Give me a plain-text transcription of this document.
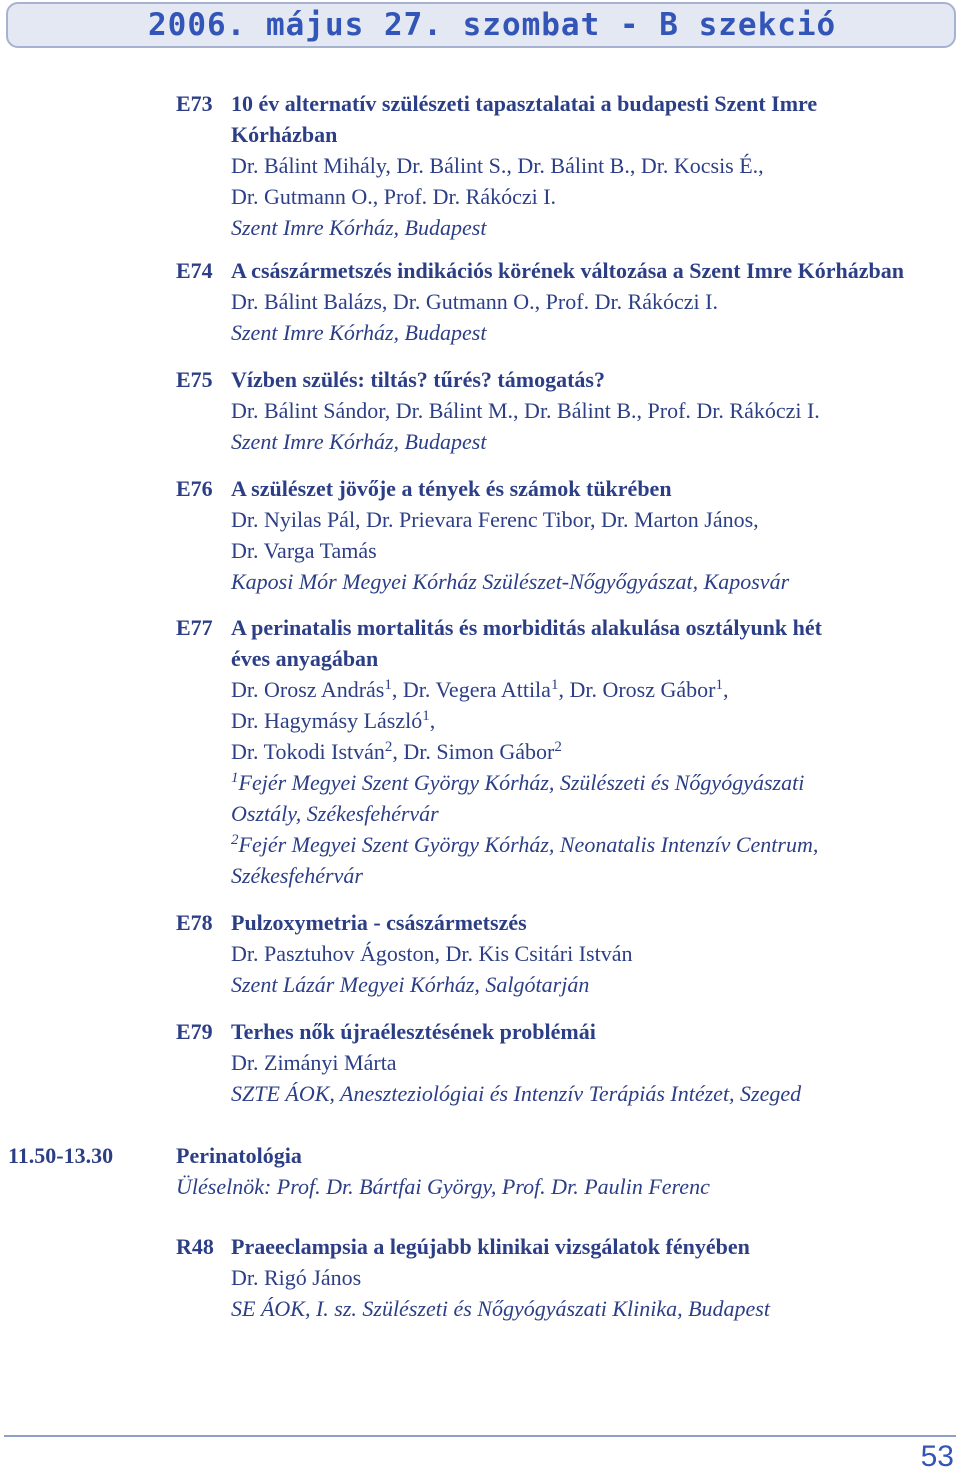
2006. május 27. szombat - B szekció
E73 10 év alternatív szülészeti tapasztalatai a budapesti Szent Imre
Kórházban
Dr. Bálint Mihály, Dr. Bálint S., Dr. Bálint B., Dr. Kocsis É.,
Dr. Gutmann O., Prof. Dr. Rákóczi I.
Szent Imre Kórház, Budapest
E74 A császármetszés indikációs körének változása a Szent Imre Kórházban
Dr. Bálint Balázs, Dr. Gutmann O., Prof. Dr. Rákóczi I.
Szent Imre Kórház, Budapest
E75 Vízben szülés: tiltás? tűrés? támogatás?
Dr. Bálint Sándor, Dr. Bálint M., Dr. Bálint B., Prof. Dr. Rákóczi I.
Szent Imre Kórház, Budapest
E76 A szülészet jövője a tények és számok tükrében
Dr. Nyilas Pál, Dr. Prievara Ferenc Tibor, Dr. Marton János,
Dr. Varga Tamás
Kaposi Mór Megyei Kórház Szülészet-Nőgyőgyászat, Kaposvár
E77 A perinatalis mortalitás és morbiditás alakulása osztályunk hét
éves anyagában
Dr. Orosz András$^1$, Dr. Vegera Attila$^1$, Dr. Orosz Gábor$^1$,
Dr. Hagymásy László$^1$,
Dr. Tokodi István$^2$, Dr. Simon Gábor$^2$
$^1$Fejér Megyei Szent György Kórház, Szülészeti és Nőgyógyászati
Osztály, Székesfehérvár
$^2$Fejér Megyei Szent György Kórház, Neonatalis Intenzív Centrum,
Székesfehérvár
E78 Pulzoxymetria - császármetszés
Dr. Pasztuhov Ágoston, Dr. Kis Csitári István
Szent Lázár Megyei Kórház, Salgótarján
E79 Terhes nők újraélesztésének problémái
Dr. Zimányi Márta
SZTE ÁOK, Aneszteziológiai és Intenzív Terápiás Intézet, Szeged
11.50-13.30	Perinatológia
Üléselnök: Prof. Dr. Bártfai György, Prof. Dr. Paulin Ferenc
53
R48 Praeeclampsia a legújabb klinikai vizsgálatok fényében
Dr. Rigó János
SE ÁOK, I. sz. Szülészeti és Nőgyógyászati Klinika, Budapest
